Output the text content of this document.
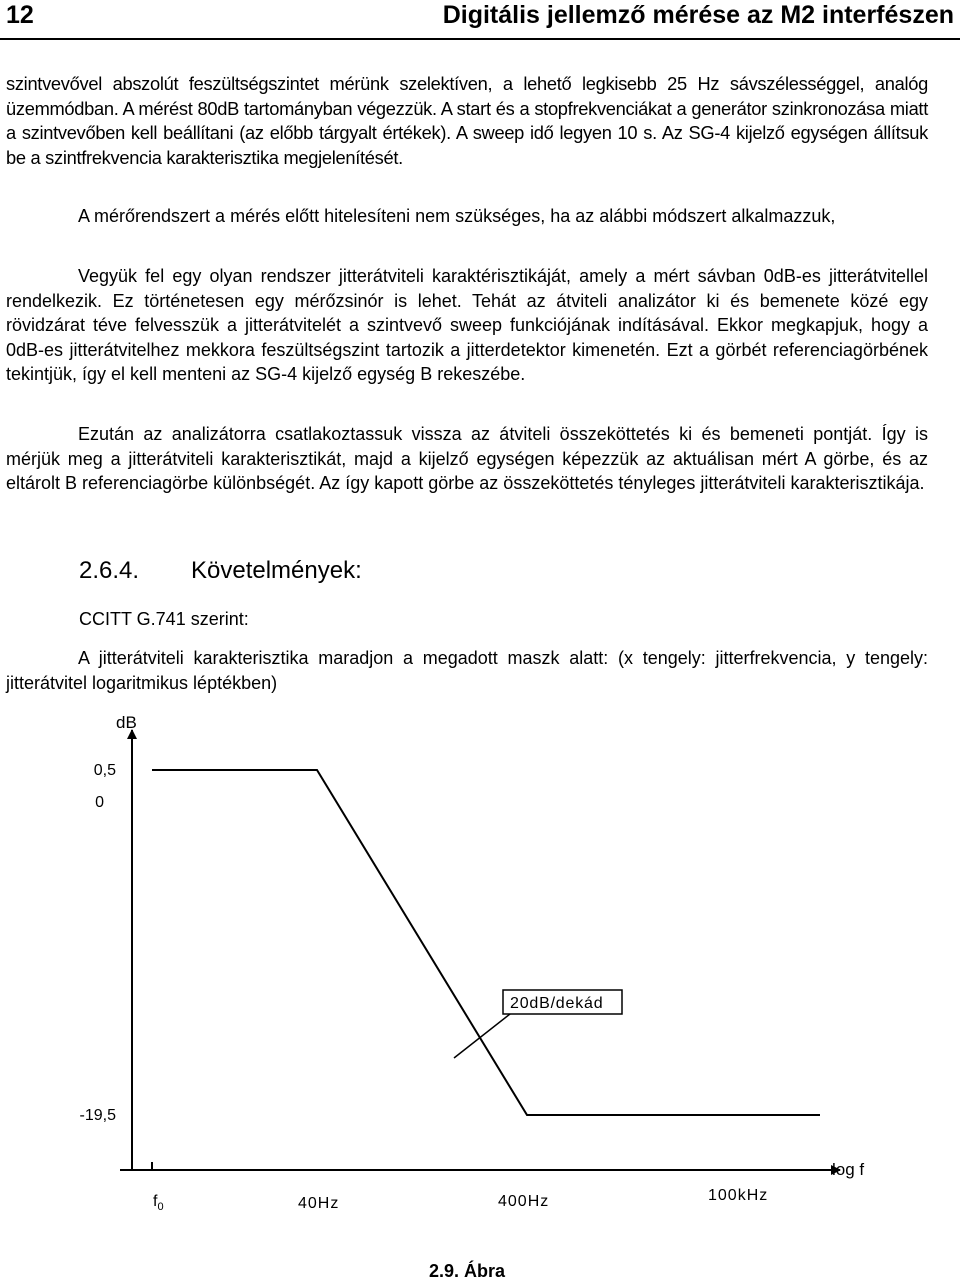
12	Digitális jellemző mérése az M2 interfészen

szintvevővel abszolút feszültségszintet mérünk szelektíven, a lehető legkisebb 25 Hz sávszélességgel, analóg üzemmódban. A mérést 80dB tartományban végezzük. A start és a stopfrekvenciákat a generátor szinkronozása miatt a szintvevőben kell beállítani (az előbb tárgyalt értékek). A sweep idő legyen 10 s. Az SG-4 kijelző egységen állítsuk be a szintfrekvencia karakterisztika megjelenítését.

A mérőrendszert a mérés előtt hitelesíteni nem szükséges, ha az alábbi módszert alkalmazzuk,

Vegyük fel egy olyan rendszer jitterátviteli karaktérisztikáját, amely a mért sávban 0dB-es jitterátvitellel rendelkezik. Ez történetesen egy mérőzsinór is lehet. Tehát az átviteli analizátor ki és bemenete közé egy rövidzárat téve felvesszük a jitterátvitelét a szintvevő sweep funkciójának indításával. Ekkor megkapjuk, hogy a 0dB-es jitterátvitelhez mekkora feszültségszint tartozik a jitterdetektor kimenetén. Ezt a görbét referenciagörbének tekintjük, így el kell menteni az SG-4 kijelző egység B rekeszébe.

Ezután az analizátorra csatlakoztassuk vissza az átviteli összeköttetés ki és bemeneti pontját. Így is mérjük meg a jitterátviteli karakterisztikát, majd a kijelző egységen képezzük az aktuálisan mért A görbe, és az eltárolt B referenciagörbe különbségét. Az így kapott görbe az összeköttetés tényleges jitterátviteli karakterisztikája.

2.6.4. Követelmények:
CCITT G.741 szerint:

A jitterátviteli karakterisztika maradjon a megadott maszk alatt: (x tengely: jitterfrekvencia, y tengely: jitterátvitel logaritmikus léptékben)

dB
log f
0,5
0
-19,5
40Hz	400Hz	100kHz
$f_0$
20dB/dekád
2.9. Ábra
